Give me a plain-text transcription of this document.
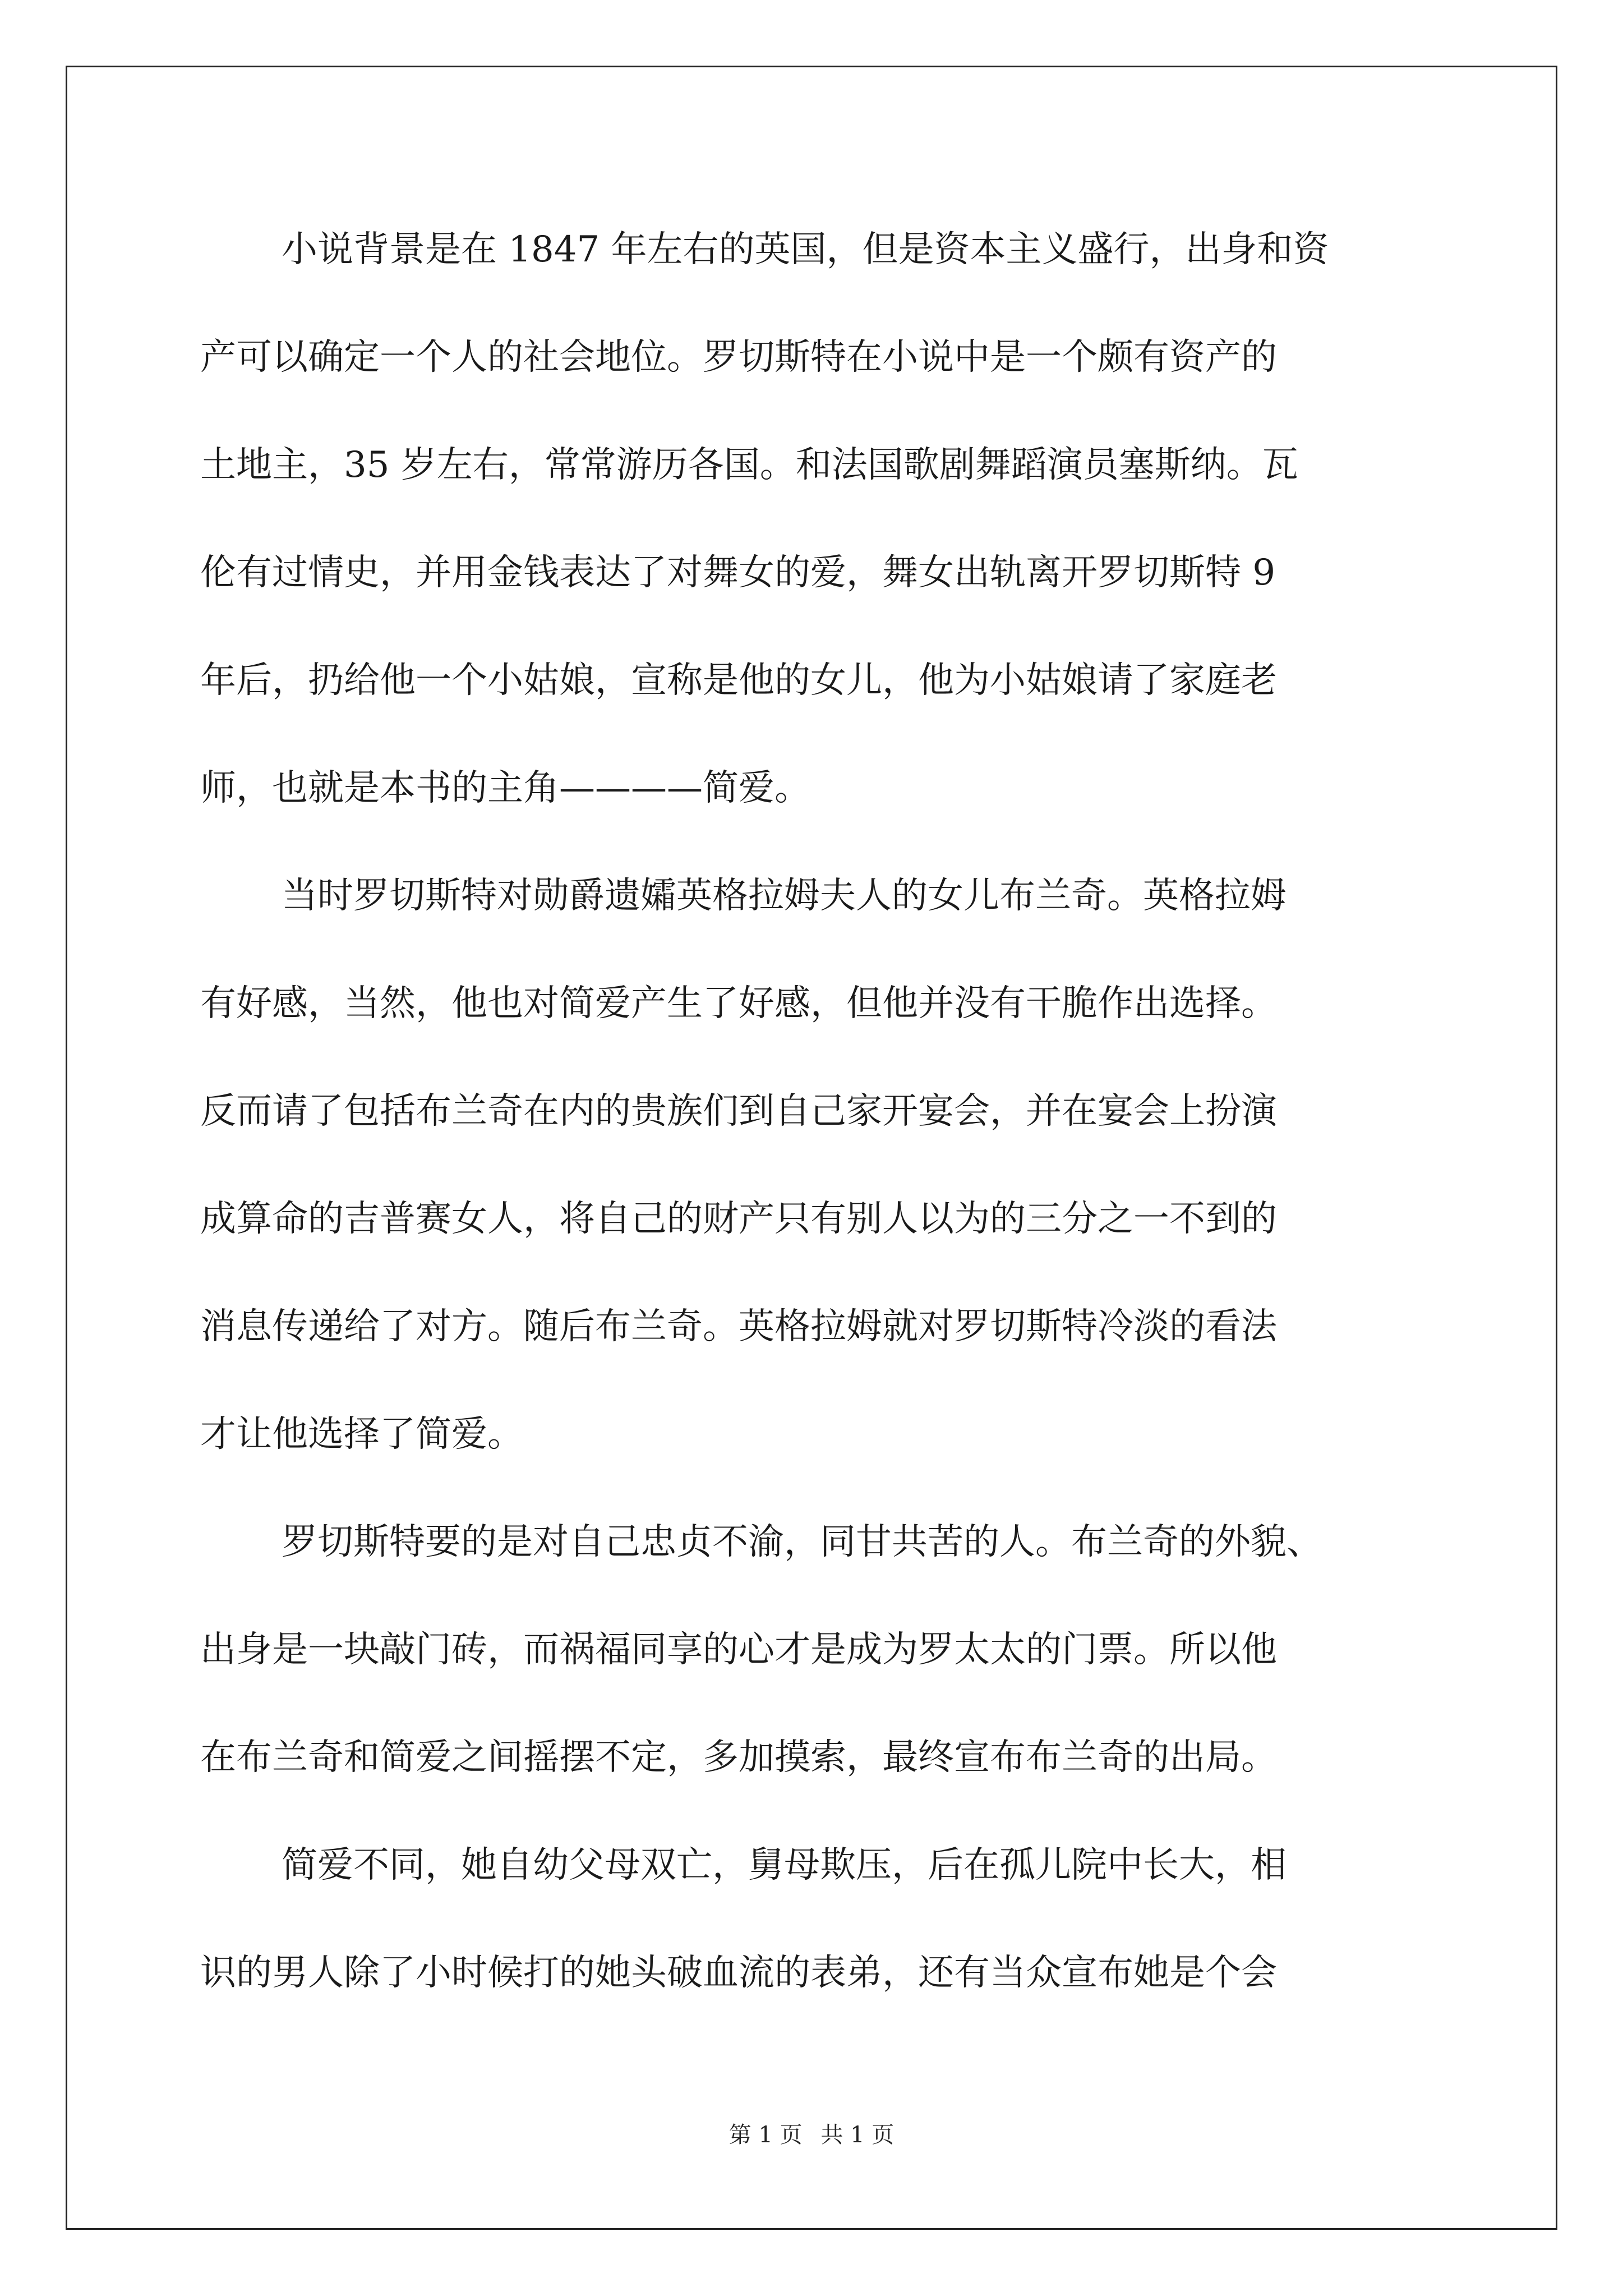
小说背景是在 1847 年左右的英国，但是资本主义盛行，出身和资
产可以确定一个人的社会地位。罗切斯特在小说中是一个颇有资产的
土地主，35 岁左右，常常游历各国。和法国歌剧舞蹈演员塞斯纳。瓦
伦有过情史，并用金钱表达了对舞女的爱，舞女出轨离开罗切斯特 9
年后，扔给他一个小姑娘，宣称是他的女儿，他为小姑娘请了家庭老
师，也就是本书的主角————简爱。
当时罗切斯特对勋爵遗孀英格拉姆夫人的女儿布兰奇。英格拉姆
有好感，当然，他也对简爱产生了好感，但他并没有干脆作出选择。
反而请了包括布兰奇在内的贵族们到自己家开宴会，并在宴会上扮演
成算命的吉普赛女人，将自己的财产只有别人以为的三分之一不到的
消息传递给了对方。随后布兰奇。英格拉姆就对罗切斯特冷淡的看法
才让他选择了简爱。
罗切斯特要的是对自己忠贞不渝，同甘共苦的人。布兰奇的外貌、
出身是一块敲门砖，而祸福同享的心才是成为罗太太的门票。所以他
在布兰奇和简爱之间摇摆不定，多加摸索，最终宣布布兰奇的出局。
简爱不同，她自幼父母双亡，舅母欺压，后在孤儿院中长大，相
识的男人除了小时候打的她头破血流的表弟，还有当众宣布她是个会
第 1 页 共 1 页
